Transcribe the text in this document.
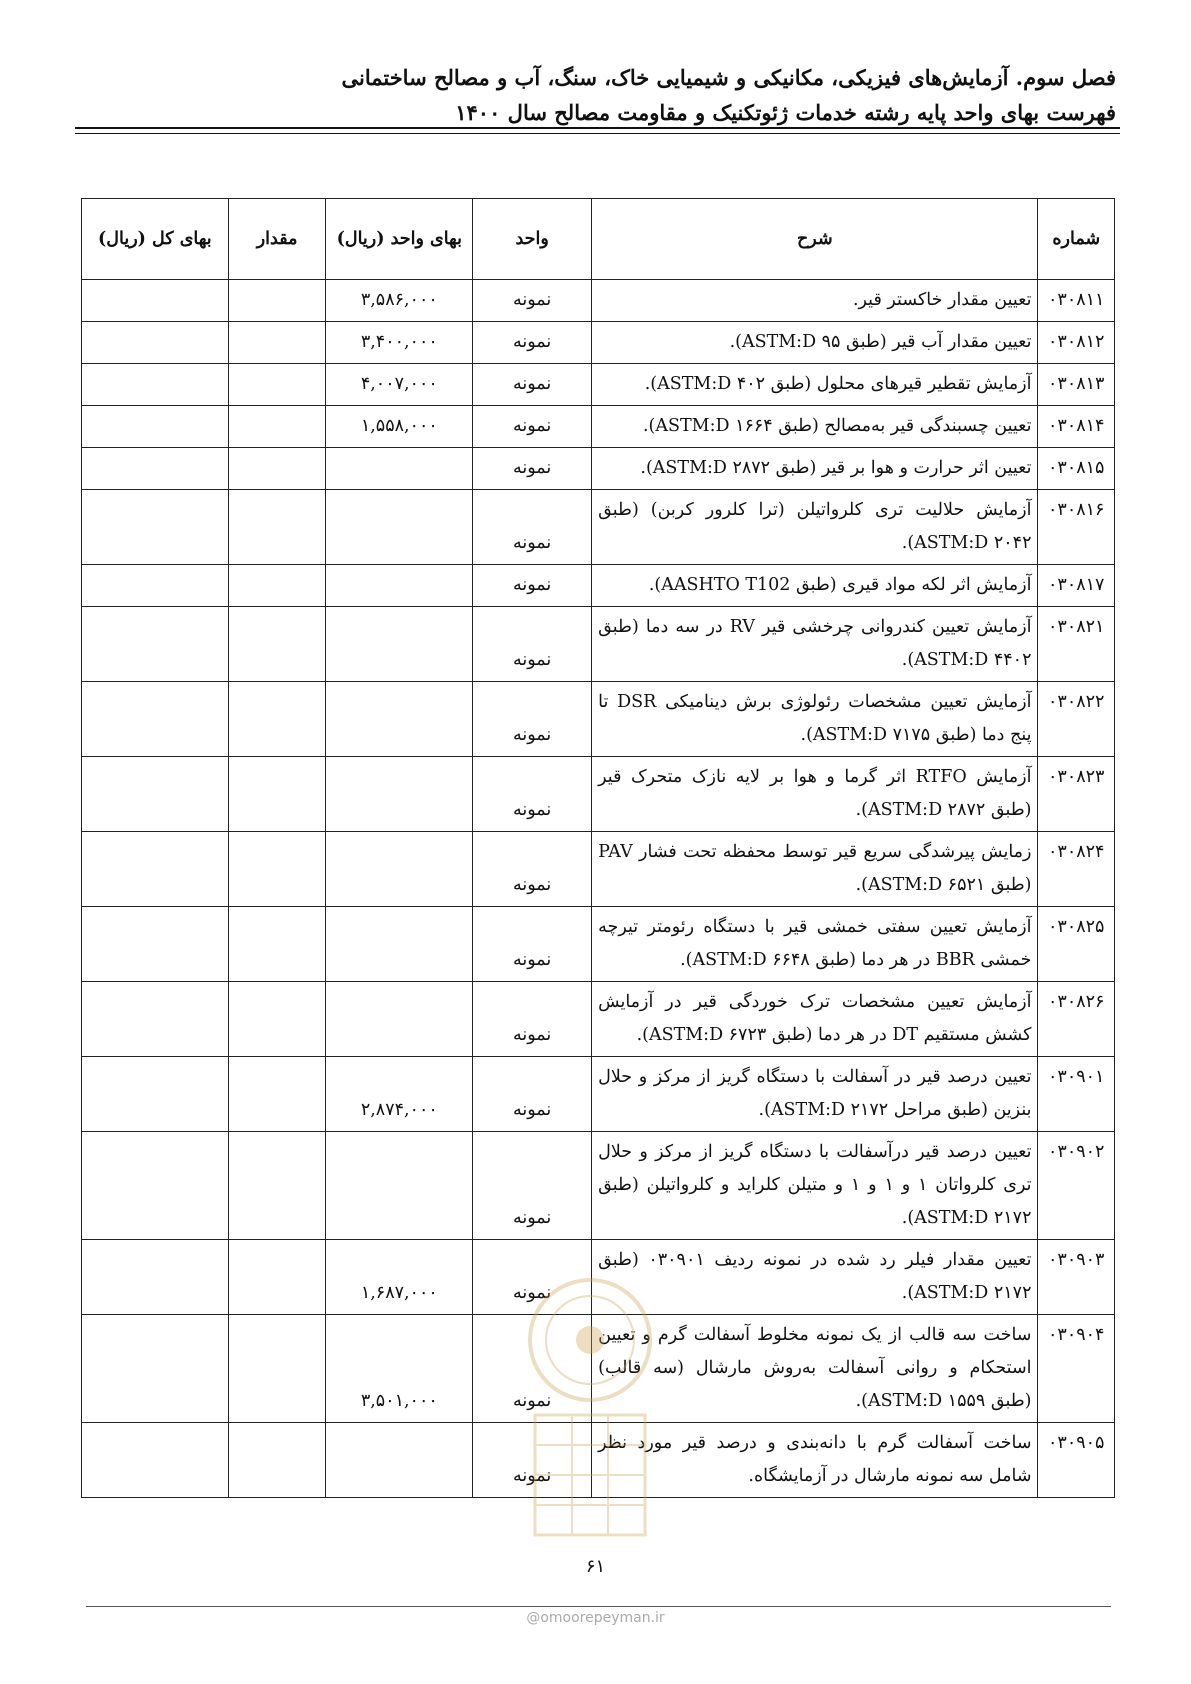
فصل سوم. آزمایش‌های فیزیکی، مکانیکی و شیمیایی خاک، سنگ، آب و مصالح ساختمانی
فهرست بهای واحد پایه رشته خدمات ژئوتکنیک و مقاومت مصالح سال ۱۴۰۰
شماره	شرح	واحد	بهای واحد (ریال)	مقدار	بهای کل (ریال)
۰۳۰۸۱۱	تعیین مقدار خاکستر قیر.	نمونه	۳,۵۸۶,۰۰۰		
۰۳۰۸۱۲	تعیین مقدار آب قیر (طبق ASTM:D ۹۵).	نمونه	۳,۴۰۰,۰۰۰		
۰۳۰۸۱۳	آزمایش تقطیر قیرهای محلول (طبق ASTM:D ۴۰۲).	نمونه	۴,۰۰۷,۰۰۰		
۰۳۰۸۱۴	تعیین چسبندگی قیر به‌مصالح (طبق ASTM:D ۱۶۶۴).	نمونه	۱,۵۵۸,۰۰۰		
۰۳۰۸۱۵	تعیین اثر حرارت و هوا بر قیر (طبق ASTM:D ۲۸۷۲).	نمونه			
۰۳۰۸۱۶	آزمایش حلالیت تری کلرواتیلن (ترا کلرور کربن) (طبق ASTM:D ۲۰۴۲).	نمونه			
۰۳۰۸۱۷	آزمایش اثر لکه مواد قیری (طبق AASHTO T102).	نمونه			
۰۳۰۸۲۱	آزمایش تعیین کندروانی چرخشی قیر RV در سه دما (طبق ASTM:D ۴۴۰۲).	نمونه			
۰۳۰۸۲۲	آزمایش تعیین مشخصات رئولوژی برش دینامیکی DSR تا پنج دما (طبق ASTM:D ۷۱۷۵).	نمونه			
۰۳۰۸۲۳	آزمایش RTFO اثر گرما و هوا بر لایه نازک متحرک قیر (طبق ASTM:D ۲۸۷۲).	نمونه			
۰۳۰۸۲۴	زمایش پیرشدگی سریع قیر توسط محفظه تحت فشار PAV (طبق ASTM:D ۶۵۲۱).	نمونه			
۰۳۰۸۲۵	آزمایش تعیین سفتی خمشی قیر با دستگاه رئومتر تیرچه خمشی BBR در هر دما (طبق ASTM:D ۶۶۴۸).	نمونه			
۰۳۰۸۲۶	آزمایش تعیین مشخصات ترک خوردگی قیر در آزمایش کشش مستقیم DT در هر دما (طبق ASTM:D ۶۷۲۳).	نمونه			
۰۳۰۹۰۱	تعیین درصد قیر در آسفالت با دستگاه گریز از مرکز و حلال بنزین (طبق مراحل ASTM:D ۲۱۷۲).	نمونه	۲,۸۷۴,۰۰۰		
۰۳۰۹۰۲	تعیین درصد قیر درآسفالت با دستگاه گریز از مرکز و حلال تری کلرواتان ۱ و ۱ و ۱ و متیلن کلراید و کلرواتیلن (طبق ASTM:D ۲۱۷۲).	نمونه			
۰۳۰۹۰۳	تعیین مقدار فیلر رد شده در نمونه ردیف ۰۳۰۹۰۱ (طبق ASTM:D ۲۱۷۲).	نمونه	۱,۶۸۷,۰۰۰		
۰۳۰۹۰۴	ساخت سه قالب از یک نمونه مخلوط آسفالت گرم و تعیین استحکام و روانی آسفالت به‌روش مارشال (سه قالب) (طبق ASTM:D ۱۵۵۹).	نمونه	۳,۵۰۱,۰۰۰		
۰۳۰۹۰۵	ساخت آسفالت گرم با دانه‌بندی و درصد قیر مورد نظر شامل سه نمونه مارشال در آزمایشگاه.	نمونه			
۶۱
@omoorepeyman.ir
